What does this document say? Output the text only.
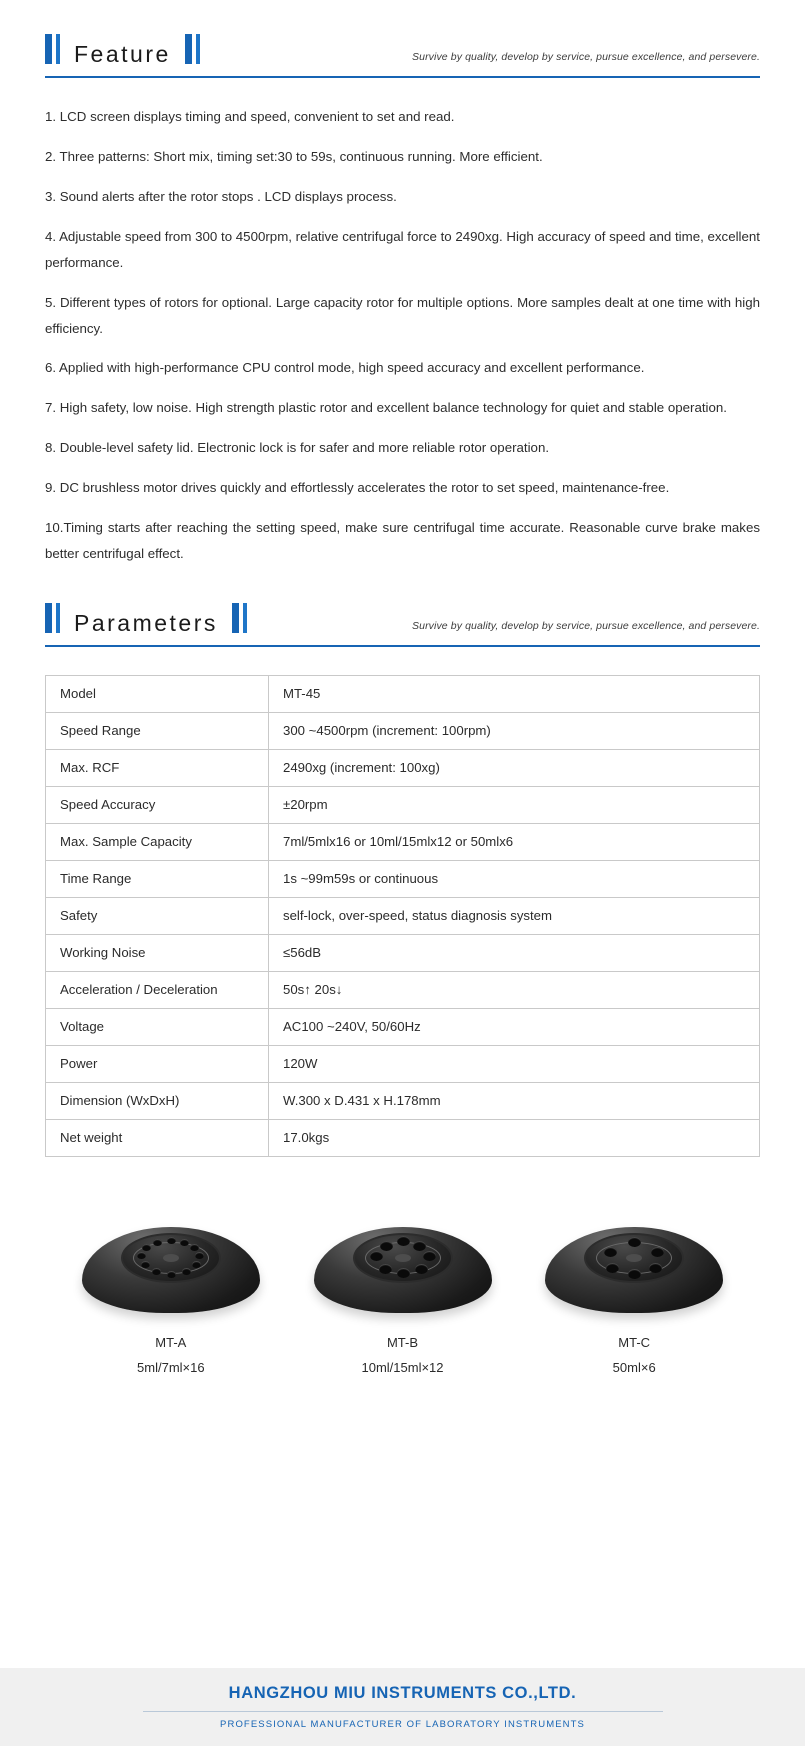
Feature	Survive by quality, develop by service, pursue excellence, and persevere.

1. LCD screen displays timing and speed, convenient to set and read.

2. Three patterns: Short mix, timing set:30 to 59s, continuous running. More efficient.

3. Sound alerts after the rotor stops . LCD displays process.

4. Adjustable speed from 300 to 4500rpm, relative centrifugal force to 2490xg. High accuracy of speed and time, excellent performance.

5. Different types of rotors for optional. Large capacity rotor for multiple options. More samples dealt at one time with high efficiency.

6. Applied with high-performance CPU control mode, high speed accuracy and excellent performance.

7. High safety, low noise. High strength plastic rotor and excellent balance technology for quiet and stable operation.

8. Double-level safety lid. Electronic lock is for safer and more reliable rotor operation.

9. DC brushless motor drives quickly and effortlessly accelerates the rotor to set speed, maintenance-free.

10.Timing starts after reaching the setting speed, make sure centrifugal time accurate. Reasonable curve brake makes better centrifugal effect.

Parameters	Survive by quality, develop by service, pursue excellence, and persevere.
Model	MT-45
Speed Range	300 ~4500rpm (increment: 100rpm)
Max. RCF	2490xg (increment: 100xg)
Speed Accuracy	±20rpm
Max. Sample Capacity	7ml/5mlx16 or 10ml/15mlx12 or 50mlx6
Time Range	1s ~99m59s or continuous
Safety	self-lock, over-speed, status diagnosis system
Working Noise	≤56dB
Acceleration / Deceleration	50s↑ 20s↓
Voltage	AC100 ~240V, 50/60Hz
Power	120W
Dimension (WxDxH)	W.300 x D.431 x H.178mm
Net weight	17.0kgs
MT-A
5ml/7ml×16
MT-B
10ml/15ml×12
MT-C
50ml×6
HANGZHOU MIU INSTRUMENTS CO.,LTD.
PROFESSIONAL MANUFACTURER OF LABORATORY INSTRUMENTS
